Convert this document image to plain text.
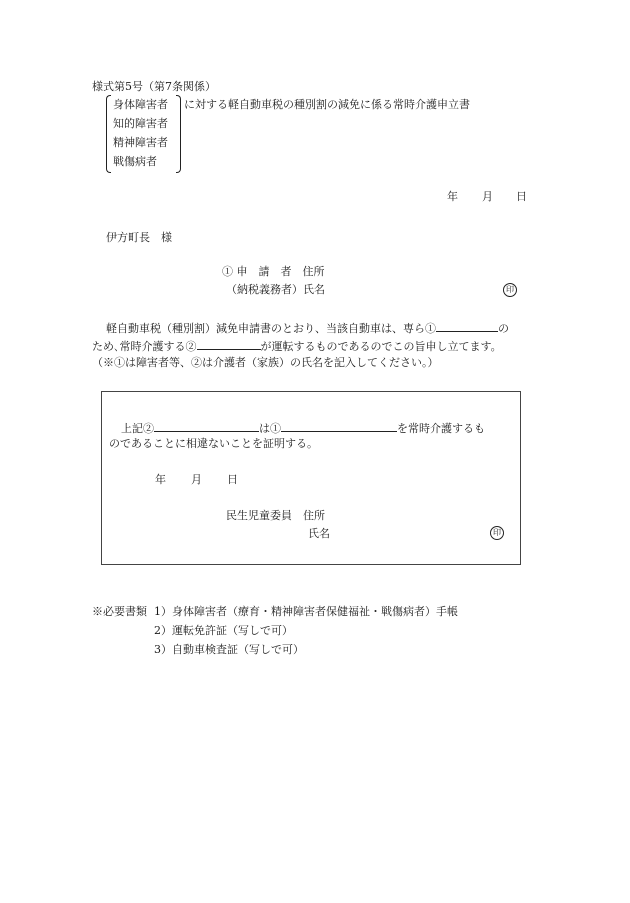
様式第5号（第7条関係）
身体障害者
知的障害者
精神障害者
戦傷病者
に対する軽自動車税の種別割の減免に係る常時介護申立書
年 月 日
伊方町長　様
① 申　請　者　住所
（納税義務者）氏名	印
軽自動車税（種別割）減免申請書のとおり、当該自動車は、専ら①	の
ため､常時介護する②	が運転するものであるのでこの旨申し立てます。
（※①は障害者等、②は介護者（家族）の氏名を記入してください。）
上記②	は①	を常時介護するも
のであることに相違ないことを証明する。
年 月 日
民生児童委員　住所
氏名	印
※必要書類 1）身体障害者（療育・精神障害者保健福祉・戦傷病者）手帳
2）運転免許証（写しで可）
3）自動車検査証（写しで可）
